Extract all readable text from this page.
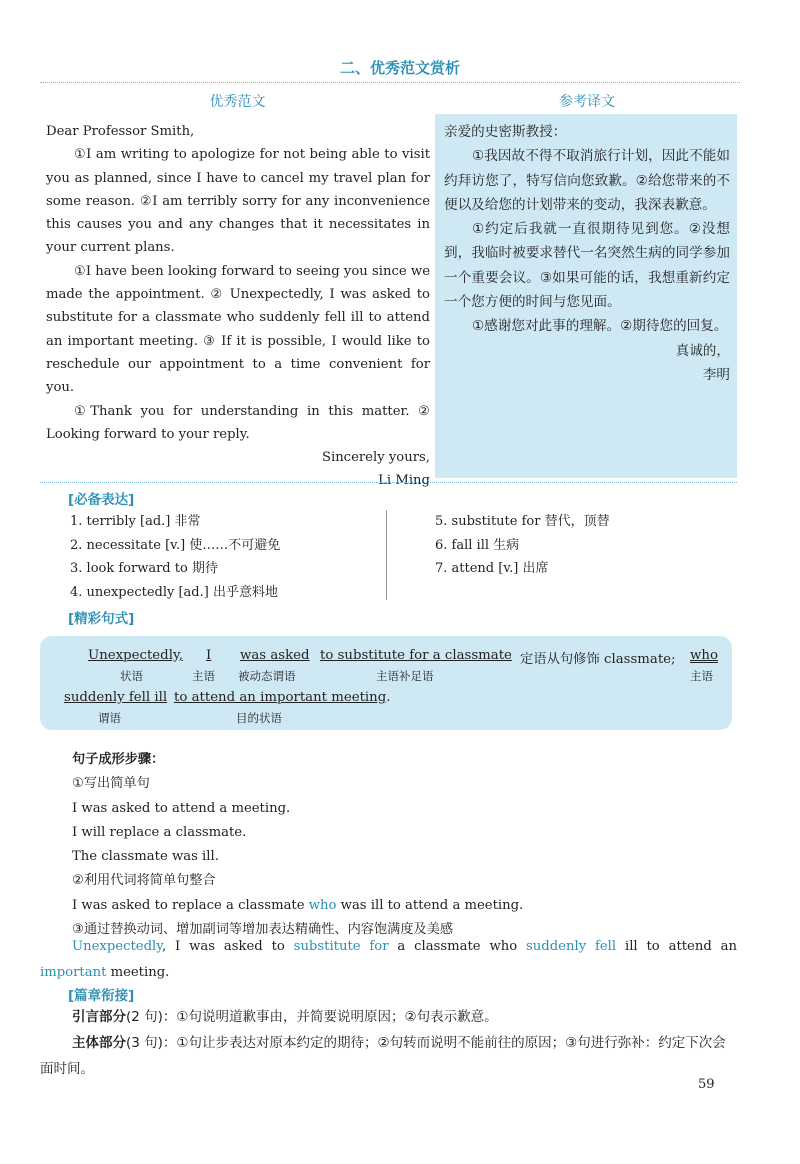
二、优秀范文赏析
优秀范文	参考译文

Dear Professor Smith,

①I am writing to apologize for not being able to visit you as planned, since I have to cancel my travel plan for some reason. ②I am terribly sorry for any inconvenience this causes you and any changes that it necessitates in your current plans.

①I have been looking forward to seeing you since we made the appointment. ② Unexpectedly, I was asked to substitute for a classmate who suddenly fell ill to attend an important meeting. ③ If it is possible, I would like to reschedule our appointment to a time convenient for you.

①Thank you for understanding in this matter. ② Looking forward to your reply.

Sincerely yours,

Li Ming

亲爱的史密斯教授：

①我因故不得不取消旅行计划，因此不能如约拜访您了，特写信向您致歉。②给您带来的不便以及给您的计划带来的变动，我深表歉意。

①约定后我就一直很期待见到您。②没想到，我临时被要求替代一名突然生病的同学参加一个重要会议。③如果可能的话，我想重新约定一个您方便的时间与您见面。

①感谢您对此事的理解。②期待您的回复。

真诚的，

李明

[必备表达]
1. terribly [ad.] 非常
2. necessitate [v.] 使……不可避免
3. look forward to 期待
4. unexpectedly [ad.] 出乎意料地
5. substitute for 替代，顶替
6. fall ill 生病
7. attend [v.] 出席
[精彩句式]
Unexpectedly,
状语
I
主语
was asked
被动态谓语
to substitute for a classmate
主语补足语
定语从句修饰 classmate; who
主语
suddenly fell ill
谓语
to attend an important meeting.
目的状语

句子成形步骤：

①写出简单句

I was asked to attend a meeting.

I will replace a classmate.

The classmate was ill.

②利用代词将简单句整合

I was asked to replace a classmate who was ill to attend a meeting.

③通过替换动词、增加副词等增加表达精确性、内容饱满度及美感

Unexpectedly, I was asked to substitute for a classmate who suddenly fell ill to attend an important meeting.
[篇章衔接]

引言部分(2 句)：①句说明道歉事由，并简要说明原因；②句表示歉意。

主体部分(3 句)：①句让步表达对原本约定的期待；②句转而说明不能前往的原因；③句进行弥补：约定下次会面时间。

59
